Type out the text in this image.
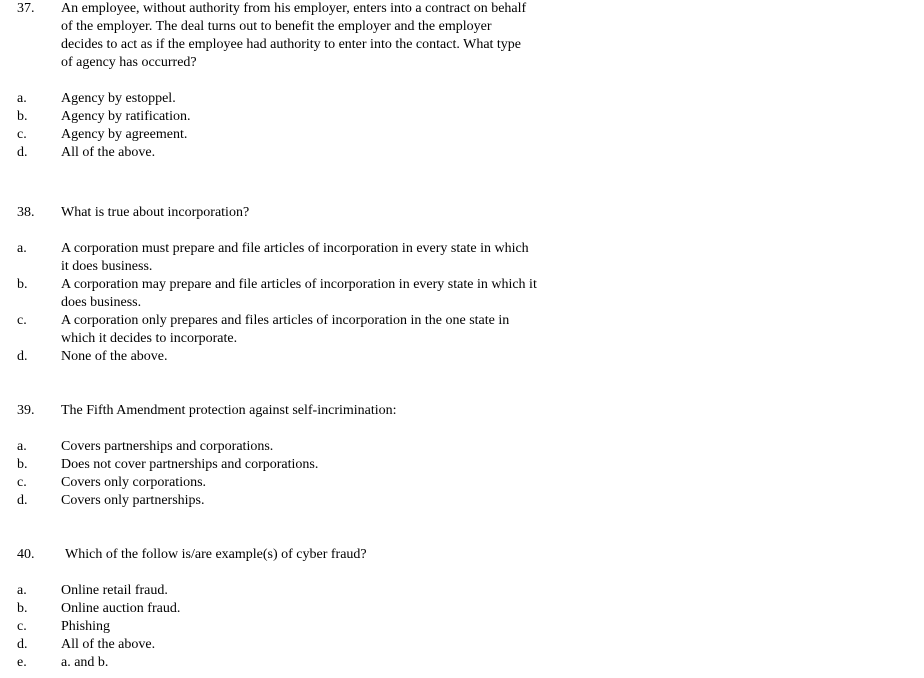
37. An employee, without authority from his employer, enters into a contract on behalf
of the employer. The deal turns out to benefit the employer and the employer
decides to act as if the employee had authority to enter into the contact. What type
of agency has occurred?
a. Agency by estoppel.
b. Agency by ratification.
c. Agency by agreement.
d. All of the above.
38. What is true about incorporation?
a. A corporation must prepare and file articles of incorporation in every state in which
it does business.
b. A corporation may prepare and file articles of incorporation in every state in which it
does business.
c. A corporation only prepares and files articles of incorporation in the one state in
which it decides to incorporate.
d. None of the above.
39. The Fifth Amendment protection against self-incrimination:
a. Covers partnerships and corporations.
b. Does not cover partnerships and corporations.
c. Covers only corporations.
d. Covers only partnerships.
40. Which of the follow is/are example(s) of cyber fraud?
a. Online retail fraud.
b. Online auction fraud.
c. Phishing
d. All of the above.
e. a. and b.
